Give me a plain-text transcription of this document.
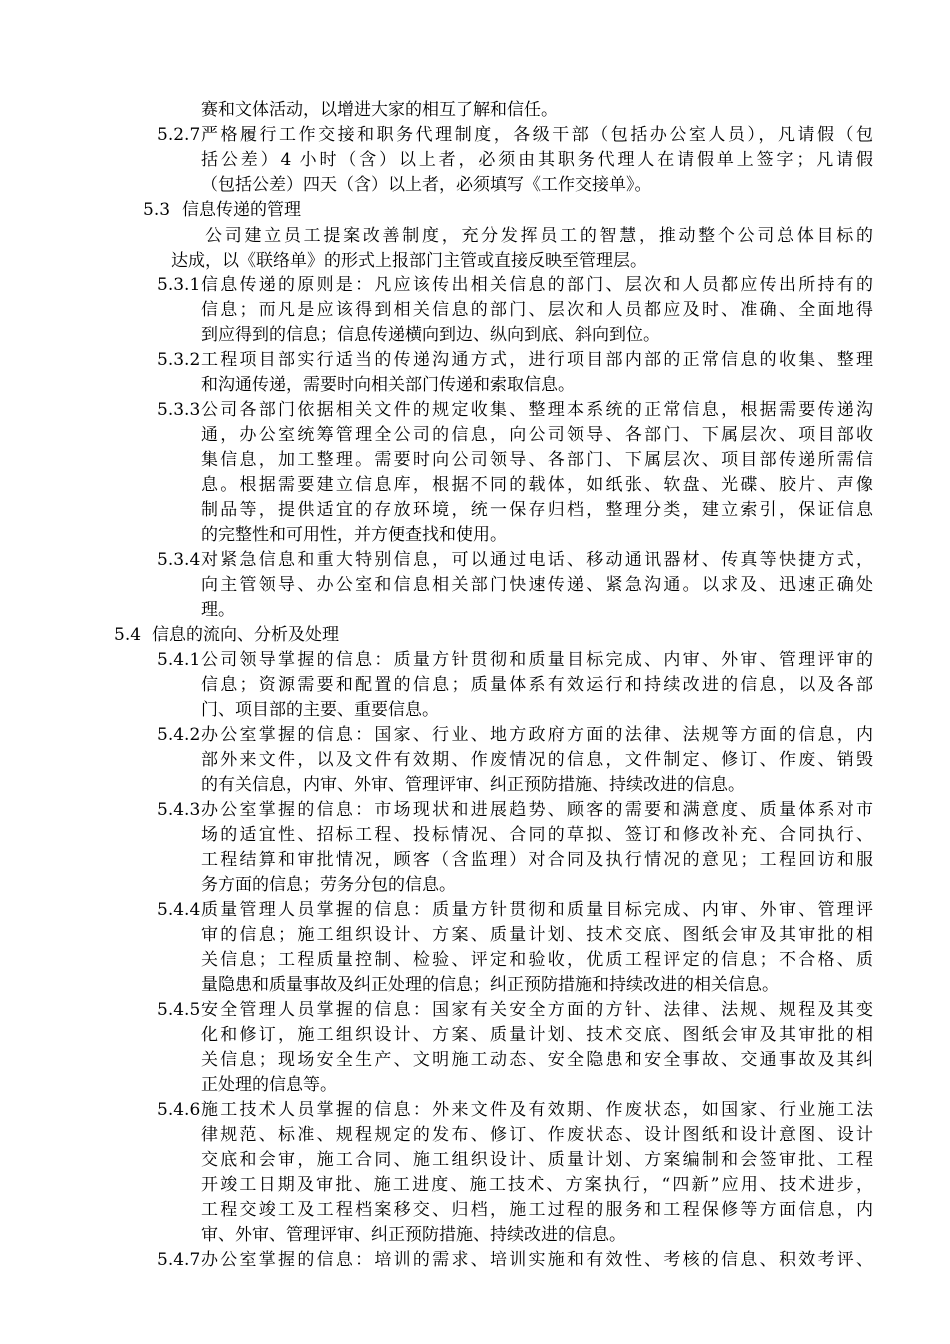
赛和文体活动，以增进大家的相互了解和信任。
5.2.7 严格履行工作交接和职务代理制度，各级干部（包括办公室人员），凡请假（包
括公差）4 小时（含）以上者，必须由其职务代理人在请假单上签字；凡请假
（包括公差）四天（含）以上者，必须填写《工作交接单》。
5.3 信息传递的管理
公司建立员工提案改善制度，充分发挥员工的智慧，推动整个公司总体目标的
达成，以《联络单》的形式上报部门主管或直接反映至管理层。
5.3.1 信息传递的原则是：凡应该传出相关信息的部门、层次和人员都应传出所持有的
信息；而凡是应该得到相关信息的部门、层次和人员都应及时、准确、全面地得
到应得到的信息；信息传递横向到边、纵向到底、斜向到位。
5.3.2 工程项目部实行适当的传递沟通方式，进行项目部内部的正常信息的收集、整理
和沟通传递，需要时向相关部门传递和索取信息。
5.3.3 公司各部门依据相关文件的规定收集、整理本系统的正常信息，根据需要传递沟
通，办公室统筹管理全公司的信息，向公司领导、各部门、下属层次、项目部收
集信息，加工整理。需要时向公司领导、各部门、下属层次、项目部传递所需信
息。根据需要建立信息库，根据不同的载体，如纸张、软盘、光碟、胶片、声像
制品等，提供适宜的存放环境，统一保存归档，整理分类，建立索引，保证信息
的完整性和可用性，并方便查找和使用。
5.3.4 对紧急信息和重大特别信息，可以通过电话、移动通讯器材、传真等快捷方式，
向主管领导、办公室和信息相关部门快速传递、紧急沟通。以求及、迅速正确处
理。
5.4 信息的流向、分析及处理
5.4.1 公司领导掌握的信息：质量方针贯彻和质量目标完成、内审、外审、管理评审的
信息；资源需要和配置的信息；质量体系有效运行和持续改进的信息，以及各部
门、项目部的主要、重要信息。
5.4.2 办公室掌握的信息：国家、行业、地方政府方面的法律、法规等方面的信息，内
部外来文件，以及文件有效期、作废情况的信息，文件制定、修订、作废、销毁
的有关信息，内审、外审、管理评审、纠正预防措施、持续改进的信息。
5.4.3 办公室掌握的信息：市场现状和进展趋势、顾客的需要和满意度、质量体系对市
场的适宜性、招标工程、投标情况、合同的草拟、签订和修改补充、合同执行、
工程结算和审批情况，顾客（含监理）对合同及执行情况的意见；工程回访和服
务方面的信息；劳务分包的信息。
5.4.4 质量管理人员掌握的信息：质量方针贯彻和质量目标完成、内审、外审、管理评
审的信息；施工组织设计、方案、质量计划、技术交底、图纸会审及其审批的相
关信息；工程质量控制、检验、评定和验收，优质工程评定的信息；不合格、质
量隐患和质量事故及纠正处理的信息；纠正预防措施和持续改进的相关信息。
5.4.5 安全管理人员掌握的信息：国家有关安全方面的方针、法律、法规、规程及其变
化和修订，施工组织设计、方案、质量计划、技术交底、图纸会审及其审批的相
关信息；现场安全生产、文明施工动态、安全隐患和安全事故、交通事故及其纠
正处理的信息等。
5.4.6 施工技术人员掌握的信息：外来文件及有效期、作废状态，如国家、行业施工法
律规范、标准、规程规定的发布、修订、作废状态、设计图纸和设计意图、设计
交底和会审，施工合同、施工组织设计、质量计划、方案编制和会签审批、工程
开竣工日期及审批、施工进度、施工技术、方案执行，“四新”应用、技术进步，
工程交竣工及工程档案移交、归档，施工过程的服务和工程保修等方面信息，内
审、外审、管理评审、纠正预防措施、持续改进的信息。
5.4.7 办公室掌握的信息：培训的需求、培训实施和有效性、考核的信息、积效考评、
